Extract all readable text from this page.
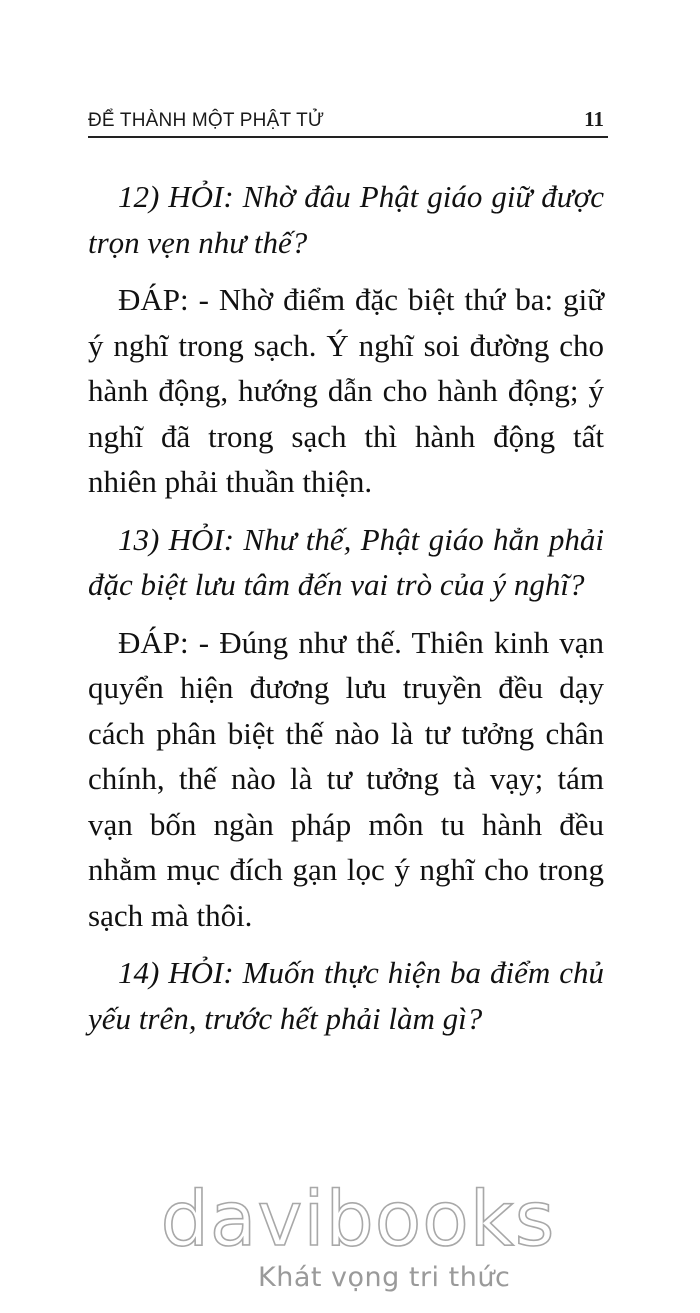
ĐỂ THÀNH MỘT PHẬT TỬ	11

12) HỎI: Nhờ đâu Phật giáo giữ được trọn vẹn như thế?

ĐÁP: - Nhờ điểm đặc biệt thứ ba: giữ ý nghĩ trong sạch. Ý nghĩ soi đường cho hành động, hướng dẫn cho hành động; ý nghĩ đã trong sạch thì hành động tất nhiên phải thuần thiện.

13) HỎI: Như thế, Phật giáo hẳn phải đặc biệt lưu tâm đến vai trò của ý nghĩ?

ĐÁP: - Đúng như thế. Thiên kinh vạn quyển hiện đương lưu truyền đều dạy cách phân biệt thế nào là tư tưởng chân chính, thế nào là tư tưởng tà vạy; tám vạn bốn ngàn pháp môn tu hành đều nhằm mục đích gạn lọc ý nghĩ cho trong sạch mà thôi.

14) HỎI: Muốn thực hiện ba điểm chủ yếu trên, trước hết phải làm gì?

davibooks
Khát vọng tri thức
